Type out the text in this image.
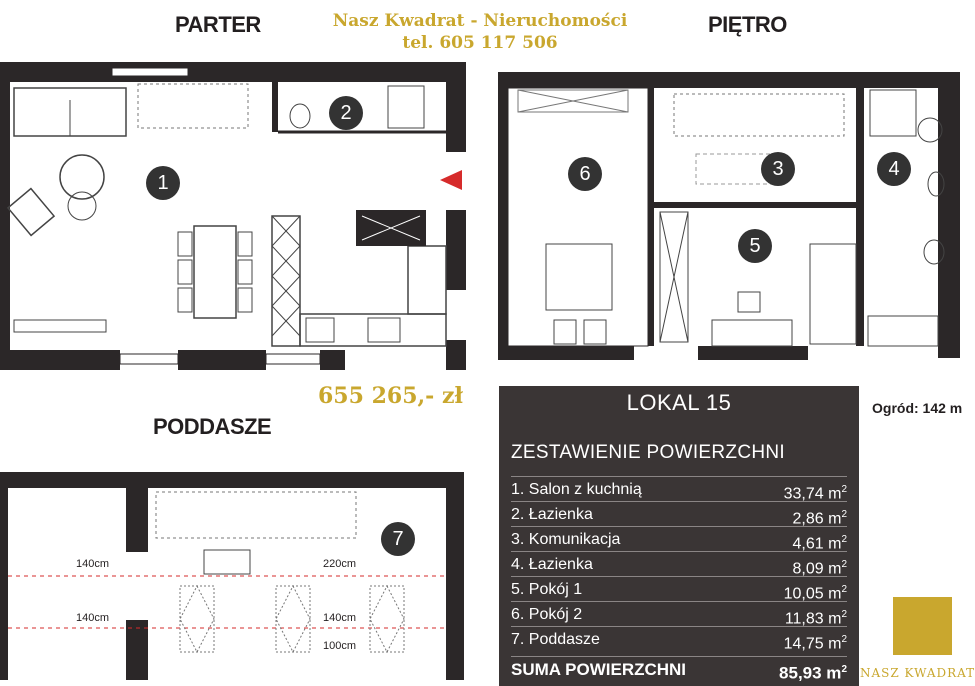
PARTER	PIĘTRO
PODDASZE
Nasz Kwadrat - Nieruchomości
tel. 605 117 506
655 265,- zł
140cm	220cm
140cm	140cm
100cm
1
2
3	4
5
6
7
LOKAL 15
ZESTAWIENIE POWIERZCHNI
1. Salon z kuchnią	33,74 $m^2$
2. Łazienka	2,86 $m^2$
3. Komunikacja	4,61 $m^2$
4. Łazienka	8,09 $m^2$
5. Pokój 1	10,05 $m^2$
6. Pokój 2	11,83 $m^2$
7. Poddasze	14,75 $m^2$
SUMA POWIERZCHNI	85,93 $m^2$
Ogród: 142 m
NASZ KWADRAT
